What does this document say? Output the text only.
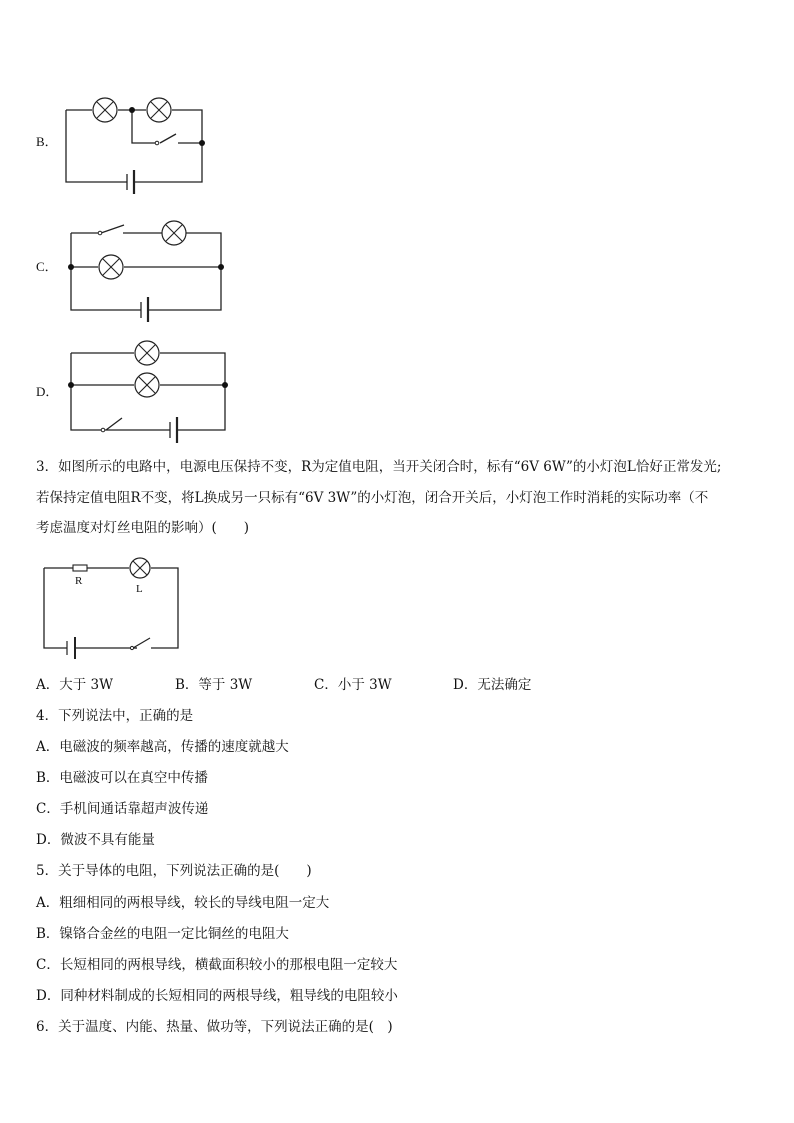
B．
C．
D．
3．如图所示的电路中，电源电压保持不变，R为定值电阻，当开关闭合时，标有“6V 6W”的小灯泡L恰好正常发光;
若保持定值电阻R不变，将L换成另一只标有“6V 3W”的小灯泡，闭合开关后，小灯泡工作时消耗的实际功率（不
考虑温度对灯丝电阻的影响）(　　)
R
L
A．大于 3W	B．等于 3W	C．小于 3W	D．无法确定
4．下列说法中，正确的是
A．电磁波的频率越高，传播的速度就越大
B．电磁波可以在真空中传播
C．手机间通话靠超声波传递
D．微波不具有能量
5．关于导体的电阻，下列说法正确的是(　　)
A．粗细相同的两根导线，较长的导线电阻一定大
B．镍铬合金丝的电阻一定比铜丝的电阻大
C．长短相同的两根导线，横截面积较小的那根电阻一定较大
D．同种材料制成的长短相同的两根导线，粗导线的电阻较小
6．关于温度、内能、热量、做功等，下列说法正确的是(　)
